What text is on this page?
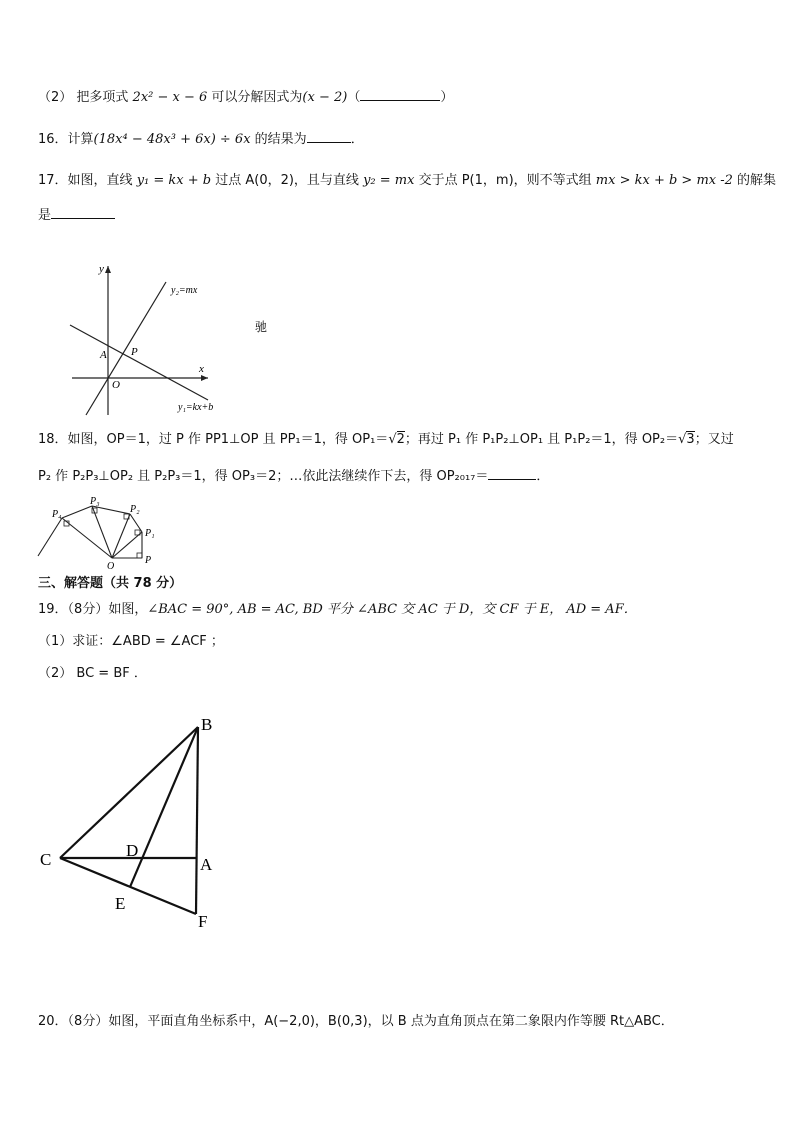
（2） 把多项式 2x² − x − 6 可以分解因式为(x − 2)（	）
16．计算(18x⁴ − 48x³ + 6x) ÷ 6x 的结果为	．
17．如图，直线 y₁ = kx + b 过点 A(0，2)，且与直线 y₂ = mx 交于点 P(1，m)，则不等式组 mx > kx + b > mx -2 的解集
是
y
x
O
A P
y₂=mx
y₁=kx+b
驰
18．如图，OP＝1，过 P 作 PP1⊥OP 且 PP₁＝1，得 OP₁＝√2；再过 P₁ 作 P₁P₂⊥OP₁ 且 P₁P₂＝1，得 OP₂＝√3；又过
P₂ 作 P₂P₃⊥OP₂ 且 P₂P₃＝1，得 OP₃＝2；…依此法继续作下去，得 OP₂₀₁₇＝	．
O
P
P₁
P₂
P₃
P₄
三、解答题（共 78 分）
19．（8分）如图，∠BAC = 90°, AB = AC, BD 平分 ∠ABC 交 AC 于 D，交 CF 于 E， AD = AF．
（1）求证：∠ABD = ∠ACF ；
（2） BC = BF ．
B
C	D
A
E
F
20．（8分）如图，平面直角坐标系中，A(−2,0)，B(0,3)，以 B 点为直角顶点在第二象限内作等腰 Rt△ABC．
